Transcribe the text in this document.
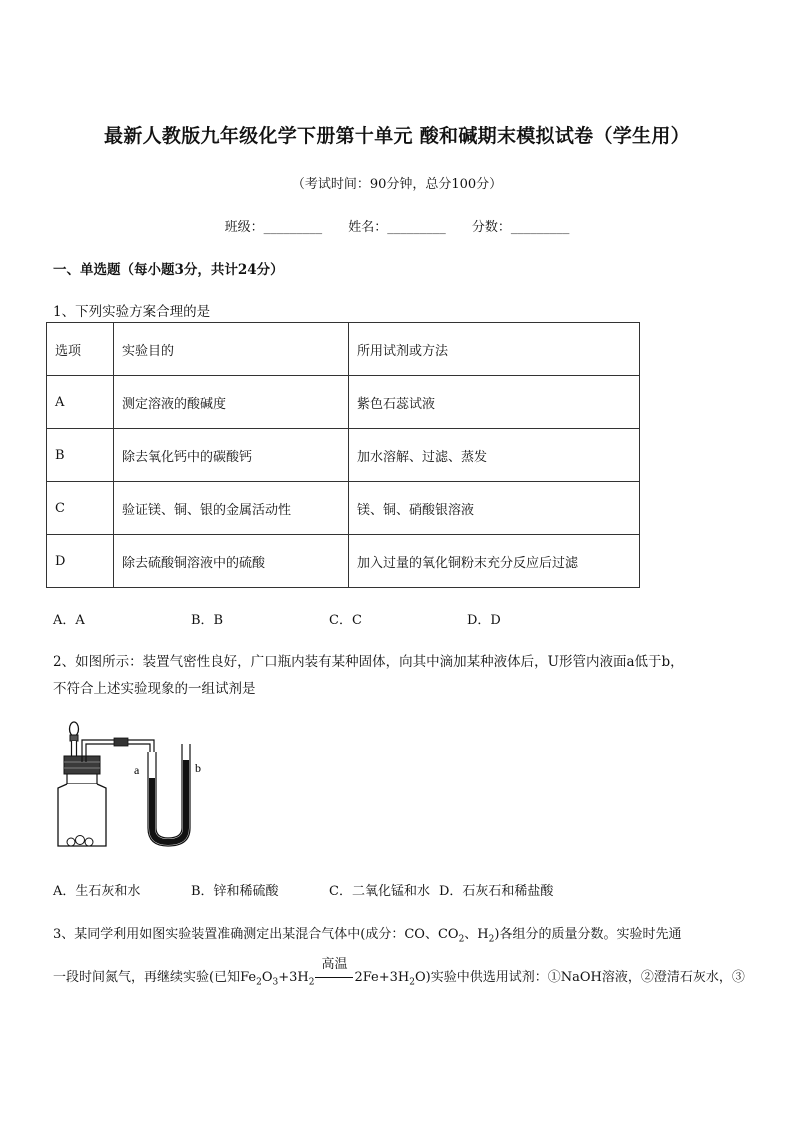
最新人教版九年级化学下册第十单元 酸和碱期末模拟试卷（学生用）
（考试时间：90分钟，总分100分）
班级：_________ 姓名：_________ 分数：_________
一、单选题（每小题3分，共计24分）
1、下列实验方案合理的是
选项	实验目的	所用试剂或方法
A	测定溶液的酸碱度	紫色石蕊试液
B	除去氧化钙中的碳酸钙	加水溶解、过滤、蒸发
C	验证镁、铜、银的金属活动性	镁、铜、硝酸银溶液
D	除去硫酸铜溶液中的硫酸	加入过量的氧化铜粉末充分反应后过滤
A．A	B．B	C．C	D．D
2、如图所示：装置气密性良好，广口瓶内装有某种固体，向其中滴加某种液体后，U形管内液面a低于b，
不符合上述实验现象的一组试剂是
a	b
A．生石灰和水	B．锌和稀硫酸	C．二氧化锰和水 D．石灰石和稀盐酸
3、某同学利用如图实验装置准确测定出某混合气体中(成分：CO、$CO_2$、$H_2$)各组分的质量分数。实验时先通
一段时间氮气，再继续实验(已知$Fe_2O_3+3H_2$
高温
$2Fe+3H_2O$)实验中供选用试剂：①NaOH溶液，②澄清石灰水，③
